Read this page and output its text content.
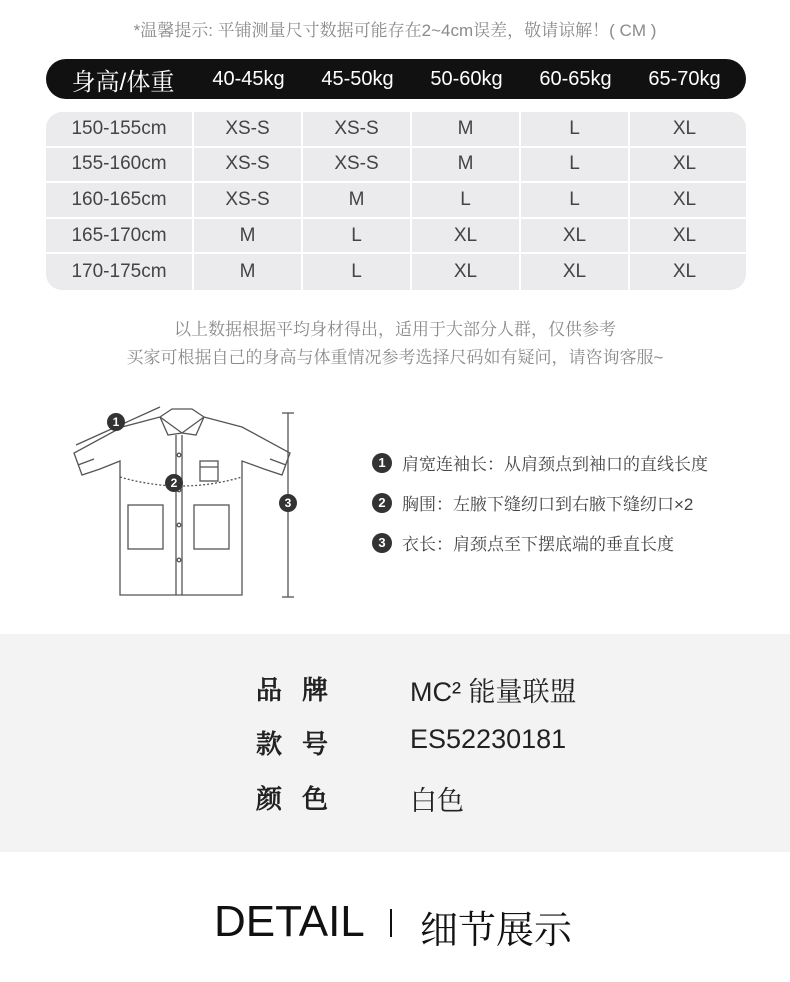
*温馨提示: 平铺测量尺寸数据可能存在2~4cm误差，敬请谅解！( CM )
身高/体重	40-45kg	45-50kg	50-60kg	60-65kg	65-70kg
150-155cm	XS-S	XS-S	M	L	XL
155-160cm	XS-S	XS-S	M	L	XL
160-165cm	XS-S	M	L	L	XL
165-170cm	M	L	XL	XL	XL
170-175cm	M	L	XL	XL	XL
以上数据根据平均身材得出，适用于大部分人群，仅供参考
买家可根据自己的身高与体重情况参考选择尺码如有疑问，请咨询客服~
1
2
3
1 肩宽连袖长：从肩颈点到袖口的直线长度
2 胸围：左腋下缝纫口到右腋下缝纫口×2
3 衣长：肩颈点至下摆底端的垂直长度
品牌 MC² 能量联盟
款号 ES52230181
颜色 白色
DETAIL 细节展示
